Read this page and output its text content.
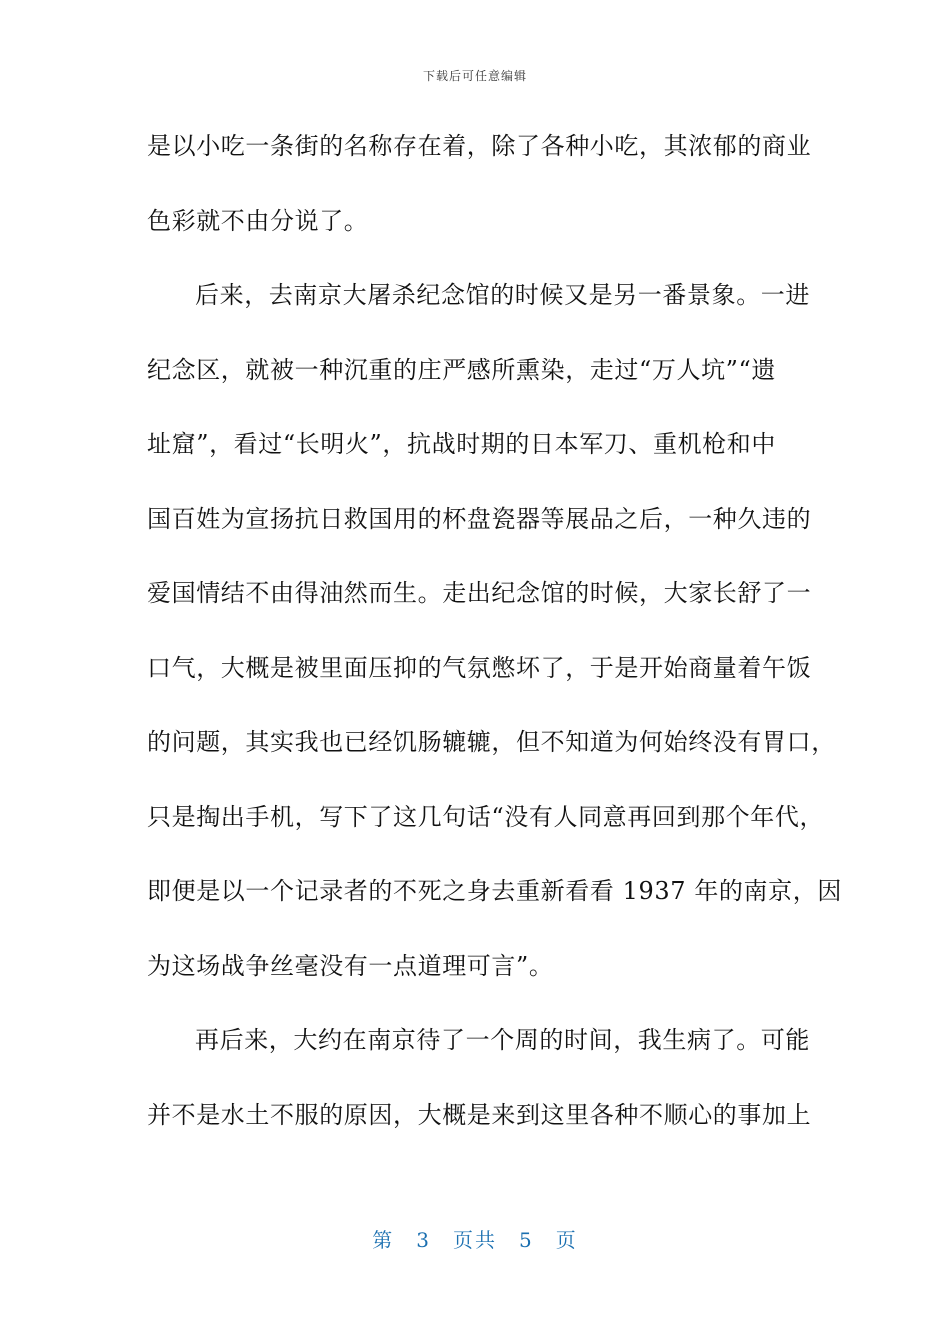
下载后可任意编辑
是以小吃一条街的名称存在着，除了各种小吃，其浓郁的商业
色彩就不由分说了。
后来，去南京大屠杀纪念馆的时候又是另一番景象。一进
纪念区，就被一种沉重的庄严感所熏染，走过“万人坑”“遗
址窟”，看过“长明火”，抗战时期的日本军刀、重机枪和中
国百姓为宣扬抗日救国用的杯盘瓷器等展品之后，一种久违的
爱国情结不由得油然而生。走出纪念馆的时候，大家长舒了一
口气，大概是被里面压抑的气氛憋坏了，于是开始商量着午饭
的问题，其实我也已经饥肠辘辘，但不知道为何始终没有胃口，
只是掏出手机，写下了这几句话“没有人同意再回到那个年代，
即便是以一个记录者的不死之身去重新看看 1937 年的南京，因
为这场战争丝毫没有一点道理可言”。
再后来，大约在南京待了一个周的时间，我生病了。可能
并不是水土不服的原因，大概是来到这里各种不顺心的事加上
第 3 页共 5 页
